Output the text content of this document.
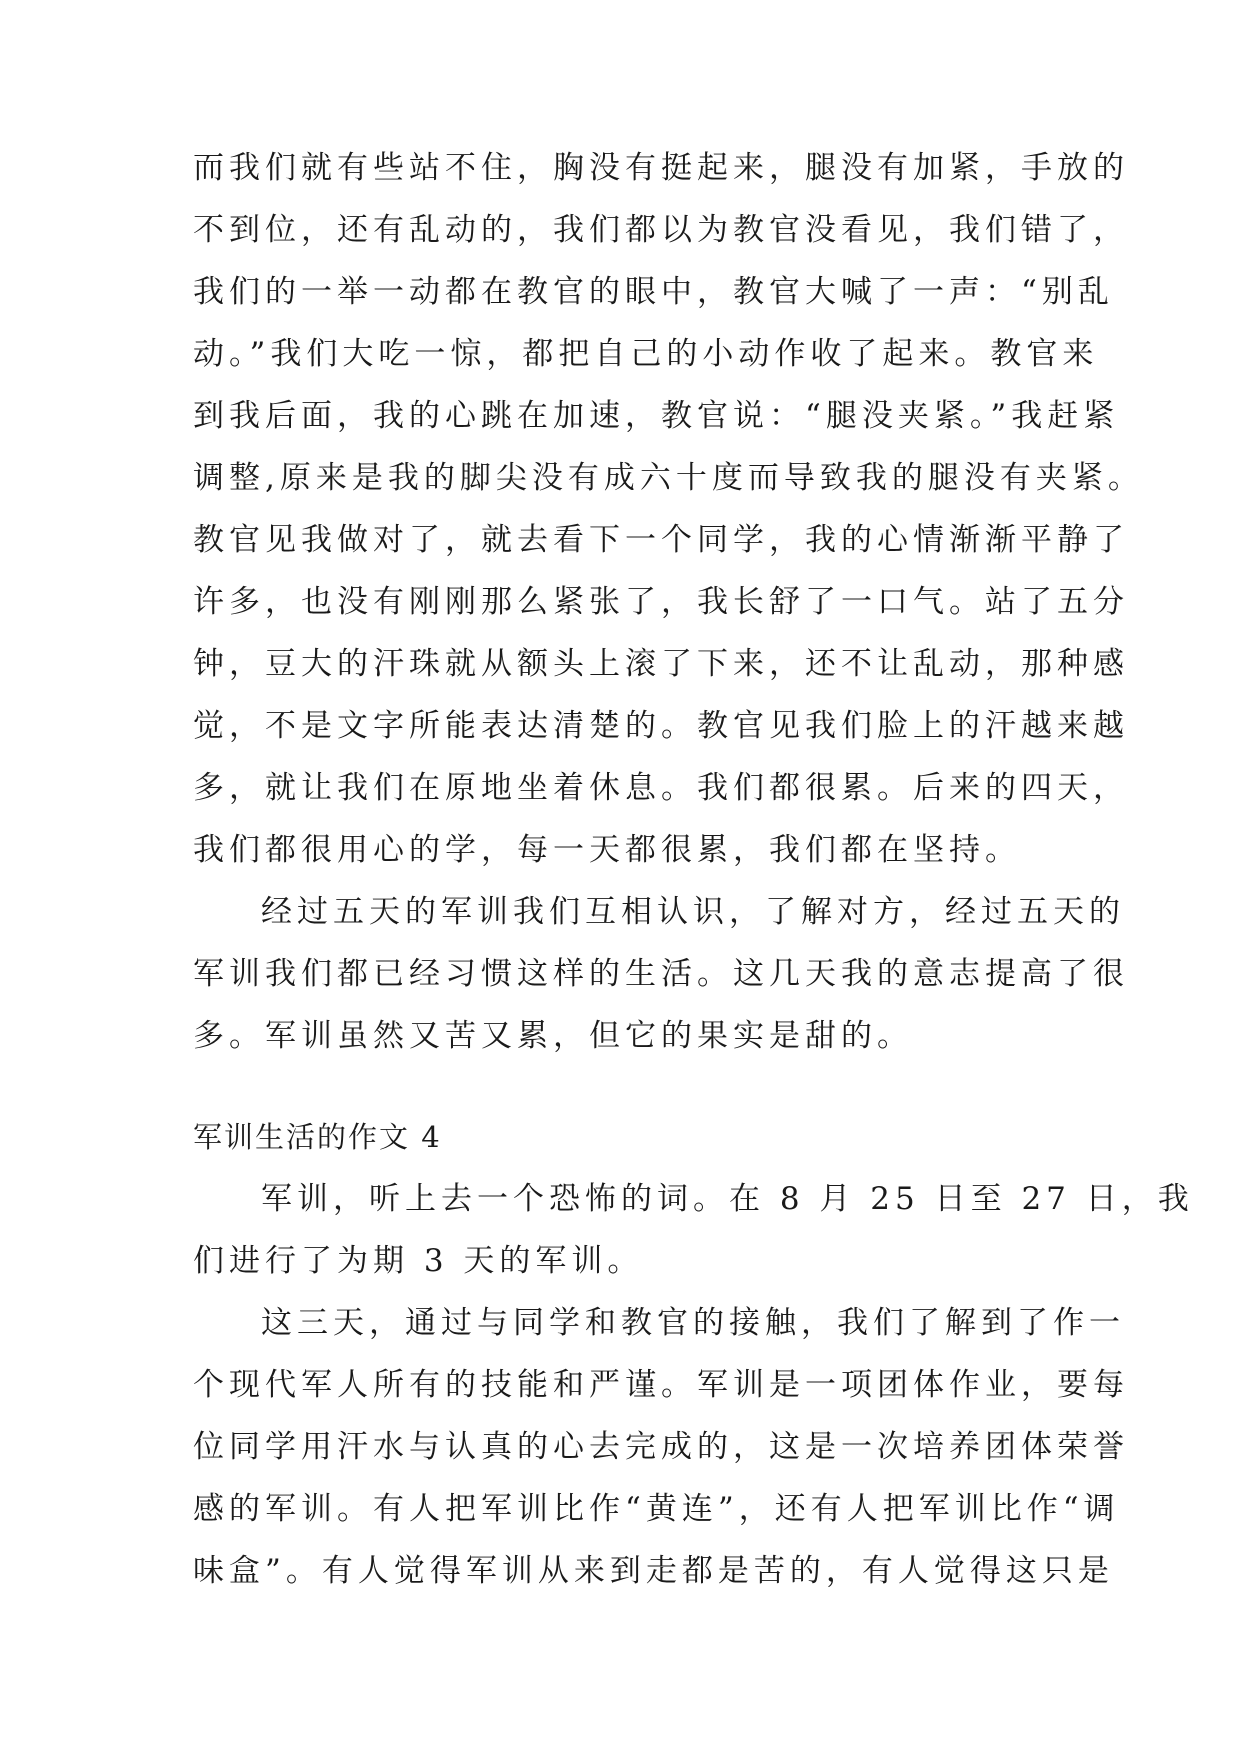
而我们就有些站不住，胸没有挺起来，腿没有加紧，手放的
不到位，还有乱动的，我们都以为教官没看见，我们错了，
我们的一举一动都在教官的眼中，教官大喊了一声：“别乱
动。”我们大吃一惊，都把自己的小动作收了起来。教官来
到我后面，我的心跳在加速，教官说：“腿没夹紧。”我赶紧
调整,原来是我的脚尖没有成六十度而导致我的腿没有夹紧。
教官见我做对了，就去看下一个同学，我的心情渐渐平静了
许多，也没有刚刚那么紧张了，我长舒了一口气。站了五分
钟，豆大的汗珠就从额头上滚了下来，还不让乱动，那种感
觉，不是文字所能表达清楚的。教官见我们脸上的汗越来越
多，就让我们在原地坐着休息。我们都很累。后来的四天，
我们都很用心的学，每一天都很累，我们都在坚持。
经过五天的军训我们互相认识，了解对方，经过五天的
军训我们都已经习惯这样的生活。这几天我的意志提高了很
多。军训虽然又苦又累，但它的果实是甜的。
军训生活的作文 4
军训，听上去一个恐怖的词。在 8 月 25 日至 27 日，我
们进行了为期 3 天的军训。
这三天，通过与同学和教官的接触，我们了解到了作一
个现代军人所有的技能和严谨。军训是一项团体作业，要每
位同学用汗水与认真的心去完成的，这是一次培养团体荣誉
感的军训。有人把军训比作“黄连”，还有人把军训比作“调
味盒”。有人觉得军训从来到走都是苦的，有人觉得这只是
